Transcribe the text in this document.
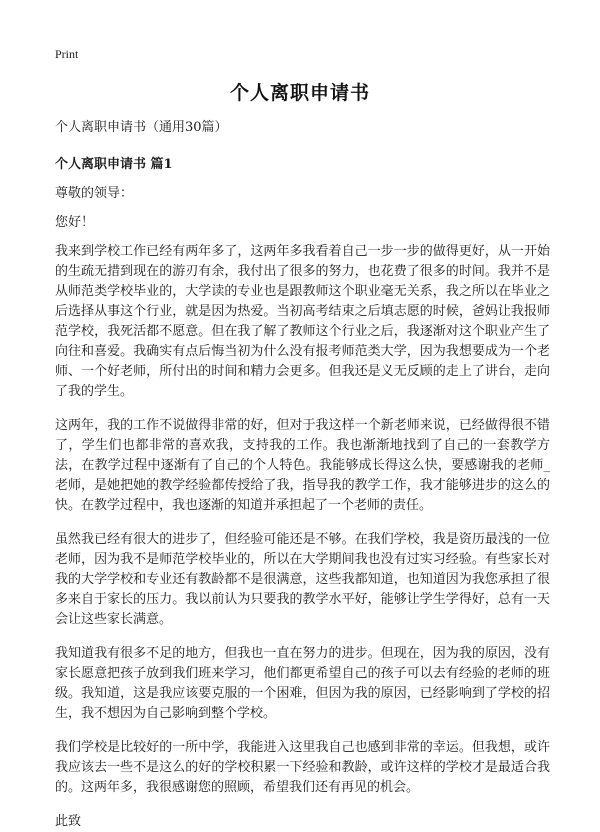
Print
个人离职申请书

个人离职申请书（通用30篇）

个人离职申请书 篇1

尊敬的领导：

您好！

我来到学校工作已经有两年多了，这两年多我看着自己一步一步的做得更好，从一开始的生疏无措到现在的游刃有余，我付出了很多的努力，也花费了很多的时间。我并不是从师范类学校毕业的，大学读的专业也是跟教师这个职业毫无关系，我之所以在毕业之后选择从事这个行业，就是因为热爱。当初高考结束之后填志愿的时候，爸妈让我报师范学校，我死活都不愿意。但在我了解了教师这个行业之后，我逐渐对这个职业产生了向往和喜爱。我确实有点后悔当初为什么没有报考师范类大学，因为我想要成为一个老师、一个好老师，所付出的时间和精力会更多。但我还是义无反顾的走上了讲台，走向了我的学生。

这两年，我的工作不说做得非常的好，但对于我这样一个新老师来说，已经做得很不错了，学生们也都非常的喜欢我，支持我的工作。我也渐渐地找到了自己的一套教学方法，在教学过程中逐渐有了自己的个人特色。我能够成长得这么快，要感谢我的老师_老师，是她把她的教学经验都传授给了我，指导我的教学工作，我才能够进步的这么的快。在教学过程中，我也逐渐的知道并承担起了一个老师的责任。

虽然我已经有很大的进步了，但经验可能还是不够。在我们学校，我是资历最浅的一位老师，因为我不是师范学校毕业的，所以在大学期间我也没有过实习经验。有些家长对我的大学学校和专业还有教龄都不是很满意，这些我都知道，也知道因为我您承担了很多来自于家长的压力。我以前认为只要我的教学水平好，能够让学生学得好，总有一天会让这些家长满意。

我知道我有很多不足的地方，但我也一直在努力的进步。但现在，因为我的原因，没有家长愿意把孩子放到我们班来学习，他们都更希望自己的孩子可以去有经验的老师的班级。我知道，这是我应该要克服的一个困难，但因为我的原因，已经影响到了学校的招生，我不想因为自己影响到整个学校。

我们学校是比较好的一所中学，我能进入这里我自己也感到非常的幸运。但我想，或许我应该去一些不是这么的好的学校积累一下经验和教龄，或许这样的学校才是最适合我的。这两年多，我很感谢您的照顾，希望我们还有再见的机会。

此致
